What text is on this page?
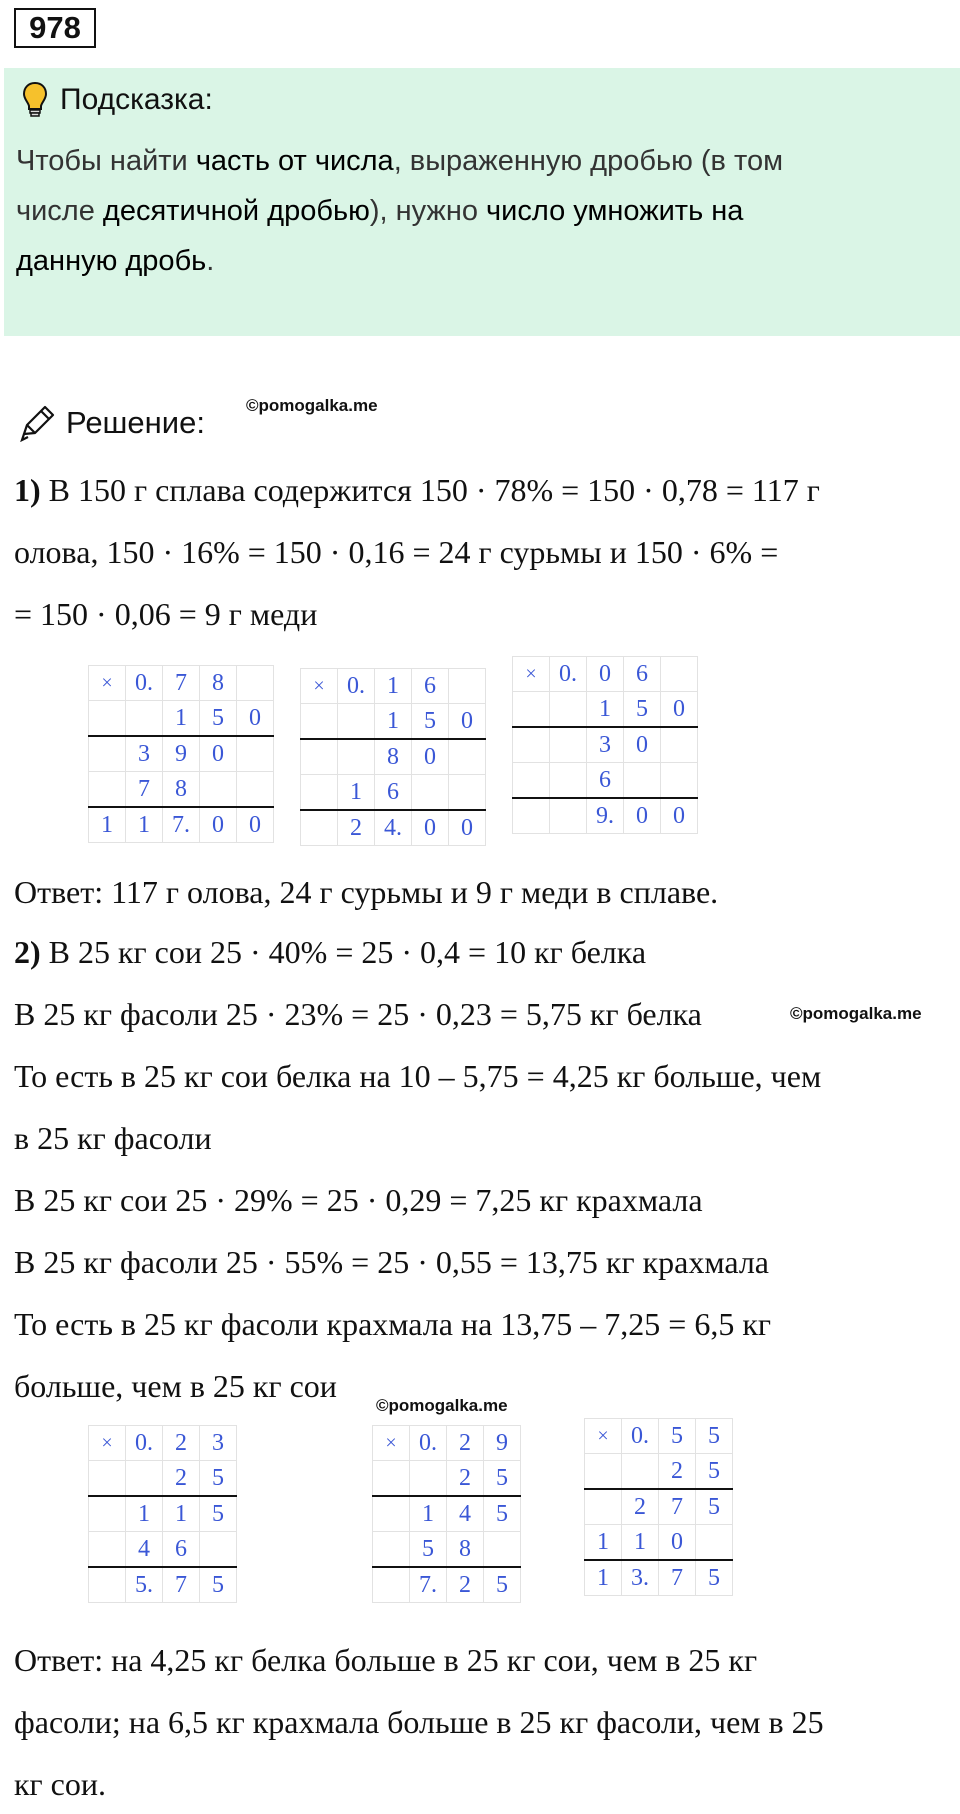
978
Подсказка:
Чтобы найти часть от числа, выраженную дробью (в том
числе десятичной дробью), нужно число умножить на
данную дробь.
Решение: ©pomogalka.me
1) В 150 г сплава содержится 150 · 78% = 150 · 0,78 = 117 г
олова, 150 · 16% = 150 · 0,16 = 24 г сурьмы и 150 · 6% =
= 150 · 0,06 = 9 г меди
×	0.	7	8	
		1	5	0
	3	9	0	
	7	8		
1	1	7.	0	0
×	0.	1	6	
		1	5	0
		8	0	
	1	6		
	2	4.	0	0
×	0.	0	6	
		1	5	0
		3	0	
		6		
		9.	0	0
Ответ: 117 г олова, 24 г сурьмы и 9 г меди в сплаве.
2) В 25 кг сои 25 · 40% = 25 · 0,4 = 10 кг белка
В 25 кг фасоли 25 · 23% = 25 · 0,23 = 5,75 кг белка	©pomogalka.me
То есть в 25 кг сои белка на 10 – 5,75 = 4,25 кг больше, чем
в 25 кг фасоли
В 25 кг сои 25 · 29% = 25 · 0,29 = 7,25 кг крахмала
В 25 кг фасоли 25 · 55% = 25 · 0,55 = 13,75 кг крахмала
То есть в 25 кг фасоли крахмала на 13,75 – 7,25 = 6,5 кг
больше, чем в 25 кг сои
©pomogalka.me
×	0.	2	3
		2	5
	1	1	5
	4	6	
	5.	7	5
×	0.	2	9
		2	5
	1	4	5
	5	8	
	7.	2	5
×	0.	5	5
		2	5
	2	7	5
1	1	0	
1	3.	7	5
Ответ: на 4,25 кг белка больше в 25 кг сои, чем в 25 кг
фасоли; на 6,5 кг крахмала больше в 25 кг фасоли, чем в 25
кг сои.
